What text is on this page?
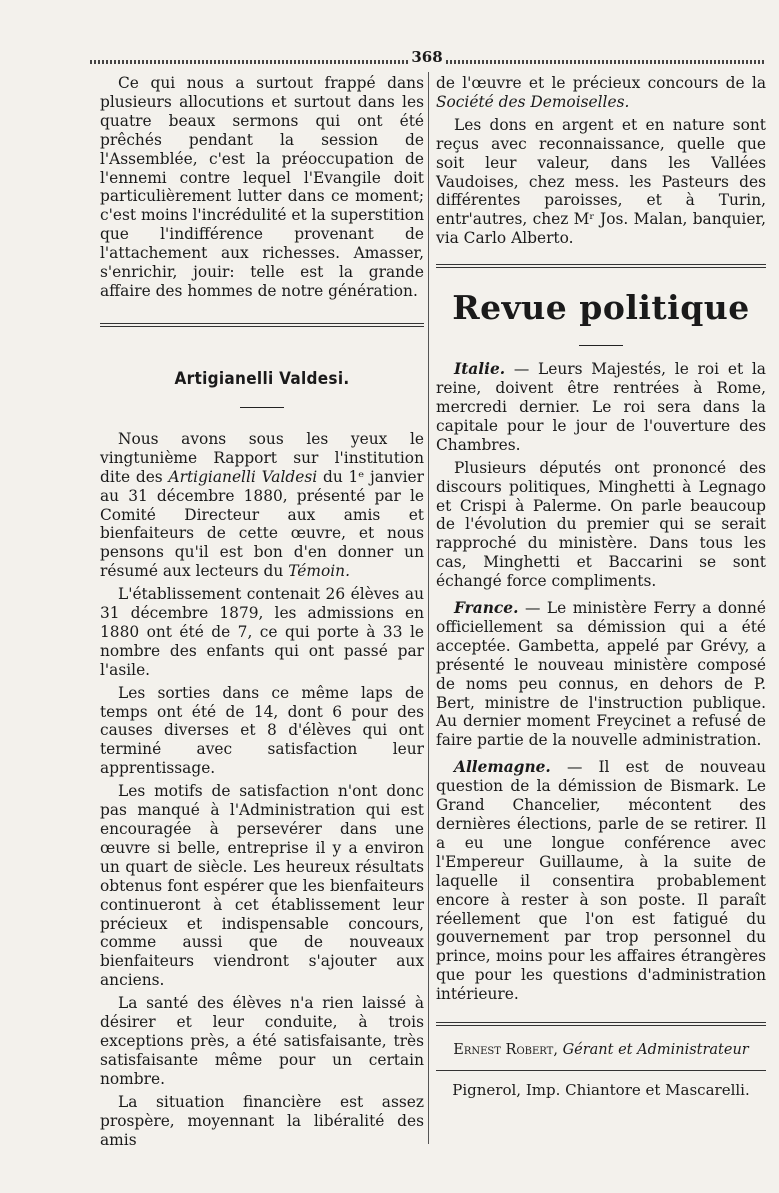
368

Ce qui nous a surtout frappé dans plusieurs allocutions et surtout dans les quatre beaux sermons qui ont été prêchés pendant la session de l'Assemblée, c'est la préoccupation de l'ennemi contre lequel l'Evangile doit particulièrement lutter dans ce moment; c'est moins l'incrédulité et la superstition que l'indifférence provenant de l'attachement aux richesses. Amasser, s'enrichir, jouir: telle est la grande affaire des hommes de notre génération.

Artigianelli Valdesi.

Nous avons sous les yeux le vingtunième Rapport sur l'institution dite des Artigianelli Valdesi du 1ᵉ janvier au 31 décembre 1880, présenté par le Comité Directeur aux amis et bienfaiteurs de cette œuvre, et nous pensons qu'il est bon d'en donner un résumé aux lecteurs du Témoin.

L'établissement contenait 26 élèves au 31 décembre 1879, les admissions en 1880 ont été de 7, ce qui porte à 33 le nombre des enfants qui ont passé par l'asile.

Les sorties dans ce même laps de temps ont été de 14, dont 6 pour des causes diverses et 8 d'élèves qui ont terminé avec satisfaction leur apprentissage.

Les motifs de satisfaction n'ont donc pas manqué à l'Administration qui est encouragée à persevérer dans une œuvre si belle, entreprise il y a environ un quart de siècle. Les heureux résultats obtenus font espérer que les bienfaiteurs continueront à cet établissement leur précieux et indispensable concours, comme aussi que de nouveaux bienfaiteurs viendront s'ajouter aux anciens.

La santé des élèves n'a rien laissé à désirer et leur conduite, à trois exceptions près, a été satisfaisante, très satisfaisante même pour un certain nombre.

La situation financière est assez prospère, moyennant la libéralité des amis

de l'œuvre et le précieux concours de la Société des Demoiselles.

Les dons en argent et en nature sont reçus avec reconnaissance, quelle que soit leur valeur, dans les Vallées Vaudoises, chez mess. les Pasteurs des différentes paroisses, et à Turin, entr'autres, chez Mʳ Jos. Malan, banquier, via Carlo Alberto.

Revue politique

Italie. — Leurs Majestés, le roi et la reine, doivent être rentrées à Rome, mercredi dernier. Le roi sera dans la capitale pour le jour de l'ouverture des Chambres.

Plusieurs députés ont prononcé des discours politiques, Minghetti à Legnago et Crispi à Palerme. On parle beaucoup de l'évolution du premier qui se serait rapproché du ministère. Dans tous les cas, Minghetti et Baccarini se sont échangé force compliments.

France. — Le ministère Ferry a donné officiellement sa démission qui a été acceptée. Gambetta, appelé par Grévy, a présenté le nouveau ministère composé de noms peu connus, en dehors de P. Bert, ministre de l'instruction publique. Au dernier moment Freycinet a refusé de faire partie de la nouvelle administration.

Allemagne. — Il est de nouveau question de la démission de Bismark. Le Grand Chancelier, mécontent des dernières élections, parle de se retirer. Il a eu une longue conférence avec l'Empereur Guillaume, à la suite de laquelle il consentira probablement encore à rester à son poste. Il paraît réellement que l'on est fatigué du gouvernement par trop personnel du prince, moins pour les affaires étrangères que pour les questions d'administration intérieure.

Ernest Robert, Gérant et Administrateur

Pignerol, Imp. Chiantore et Mascarelli.
